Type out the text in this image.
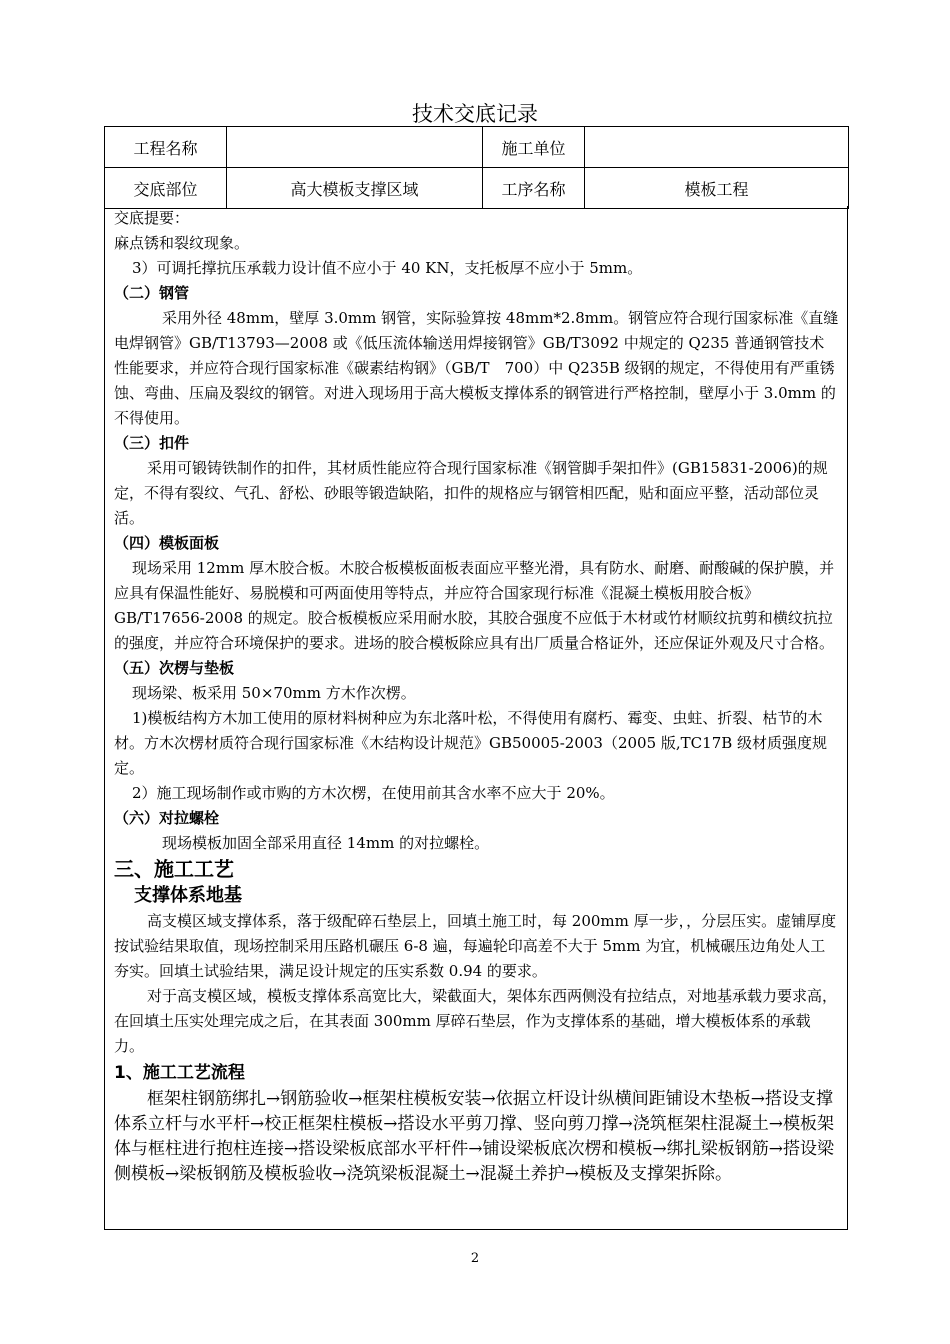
技术交底记录
工程名称		施工单位	
交底部位	高大模板支撑区域	工序名称	模板工程

交底提要：

麻点锈和裂纹现象。

3）可调托撑抗压承载力设计值不应小于 40 KN，支托板厚不应小于 5mm。

（二）钢管

采用外径 48mm，壁厚 3.0mm 钢管，实际验算按 48mm*2.8mm。钢管应符合现行国家标准《直缝电焊钢管》GB/T13793—2008 或《低压流体输送用焊接钢管》GB/T3092 中规定的 Q235 普通钢管技术性能要求，并应符合现行国家标准《碳素结构钢》（GB/T　700）中 Q235B 级钢的规定，不得使用有严重锈蚀、弯曲、压扁及裂纹的钢管。对进入现场用于高大模板支撑体系的钢管进行严格控制，壁厚小于 3.0mm 的不得使用。

（三）扣件

采用可锻铸铁制作的扣件，其材质性能应符合现行国家标准《钢管脚手架扣件》(GB15831-2006)的规定，不得有裂纹、气孔、舒松、砂眼等锻造缺陷，扣件的规格应与钢管相匹配，贴和面应平整，活动部位灵活。

（四）模板面板

现场采用 12mm 厚木胶合板。木胶合板模板面板表面应平整光滑，具有防水、耐磨、耐酸碱的保护膜，并应具有保温性能好、易脱模和可两面使用等特点，并应符合国家现行标准《混凝土模板用胶合板》GB/T17656-2008 的规定。胶合板模板应采用耐水胶，其胶合强度不应低于木材或竹材顺纹抗剪和横纹抗拉的强度，并应符合环境保护的要求。进场的胶合模板除应具有出厂质量合格证外，还应保证外观及尺寸合格。

（五）次楞与垫板

现场梁、板采用 50×70mm 方木作次楞。

1)模板结构方木加工使用的原材料树种应为东北落叶松，不得使用有腐朽、霉变、虫蛀、折裂、枯节的木材。方木次楞材质符合现行国家标准《木结构设计规范》GB50005-2003（2005 版,TC17B 级材质强度规定。

2）施工现场制作或市购的方木次楞，在使用前其含水率不应大于 20%。

（六）对拉螺栓

现场模板加固全部采用直径 14mm 的对拉螺栓。

三、施工工艺

支撑体系地基

高支模区域支撑体系，落于级配碎石垫层上，回填土施工时，每 200mm 厚一步，，分层压实。虚铺厚度按试验结果取值，现场控制采用压路机碾压 6-8 遍，每遍轮印高差不大于 5mm 为宜，机械碾压边角处人工夯实。回填土试验结果，满足设计规定的压实系数 0.94 的要求。

对于高支模区域，模板支撑体系高宽比大，梁截面大，架体东西两侧没有拉结点，对地基承载力要求高，在回填土压实处理完成之后，在其表面 300mm 厚碎石垫层，作为支撑体系的基础，增大模板体系的承载力。

1、施工工艺流程

框架柱钢筋绑扎→钢筋验收→框架柱模板安装→依据立杆设计纵横间距铺设木垫板→搭设支撑体系立杆与水平杆→校正框架柱模板→搭设水平剪刀撑、竖向剪刀撑→浇筑框架柱混凝土→模板架体与框柱进行抱柱连接→搭设梁板底部水平杆件→铺设梁板底次楞和模板→绑扎梁板钢筋→搭设梁侧模板→梁板钢筋及模板验收→浇筑梁板混凝土→混凝土养护→模板及支撑架拆除。

2
